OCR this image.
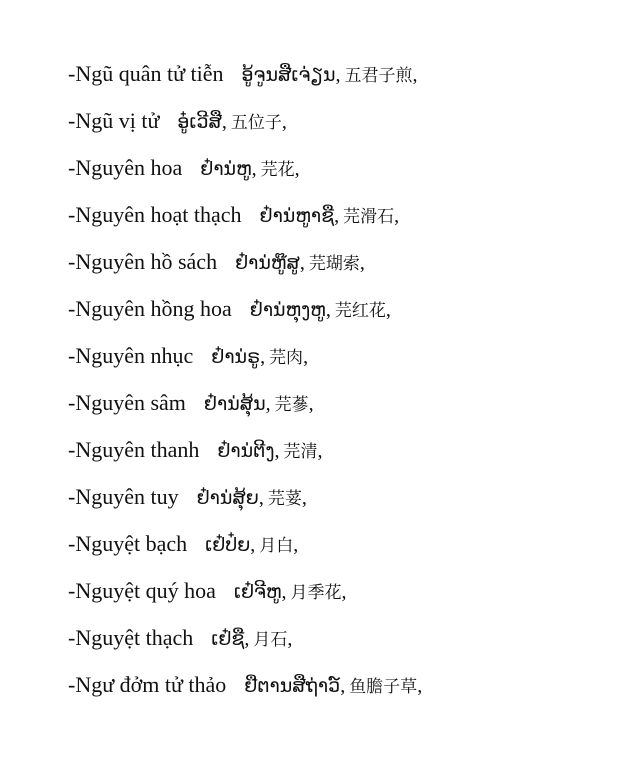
-Ngũ quân tử tiễn ອູ້ຈູນສືເຈ່ຽນ, 五君子煎,
-Ngũ vị tử ອູ໋ເວີສື, 五位子,
-Nguyên hoa ຢ໋ານ່ຫູ, 芫花,
-Nguyên hoạt thạch ຢ໋ານ່ຫູາຊື, 芫滑石,
-Nguyên hồ sách ຢ໋ານ່ຫູ໊ສູ, 芫瑚索,
-Nguyên hồng hoa ຢ໋ານ່ຫຸງຫູ, 芫红花,
-Nguyên nhục ຢ໋ານ່ຣູ, 芫肉,
-Nguyên sâm ຢ໋ານ່ສຸ້ນ, 芫蔘,
-Nguyên thanh ຢ໋ານ່ຕີງ, 芫清,
-Nguyên tuy ຢ໋ານ່ສຸ້ຍ, 芫荽,
-Nguyệt bạch ເຢ໋ປ໋ຍ, 月白,
-Nguyệt quý hoa ເຢ໋ຈີຫູ, 月季花,
-Nguyệt thạch ເຢ໋ຊື, 月石,
-Ngư đởm tử thảo ຢືຕານສືຖ່າວ໌, 鱼膽子草,
